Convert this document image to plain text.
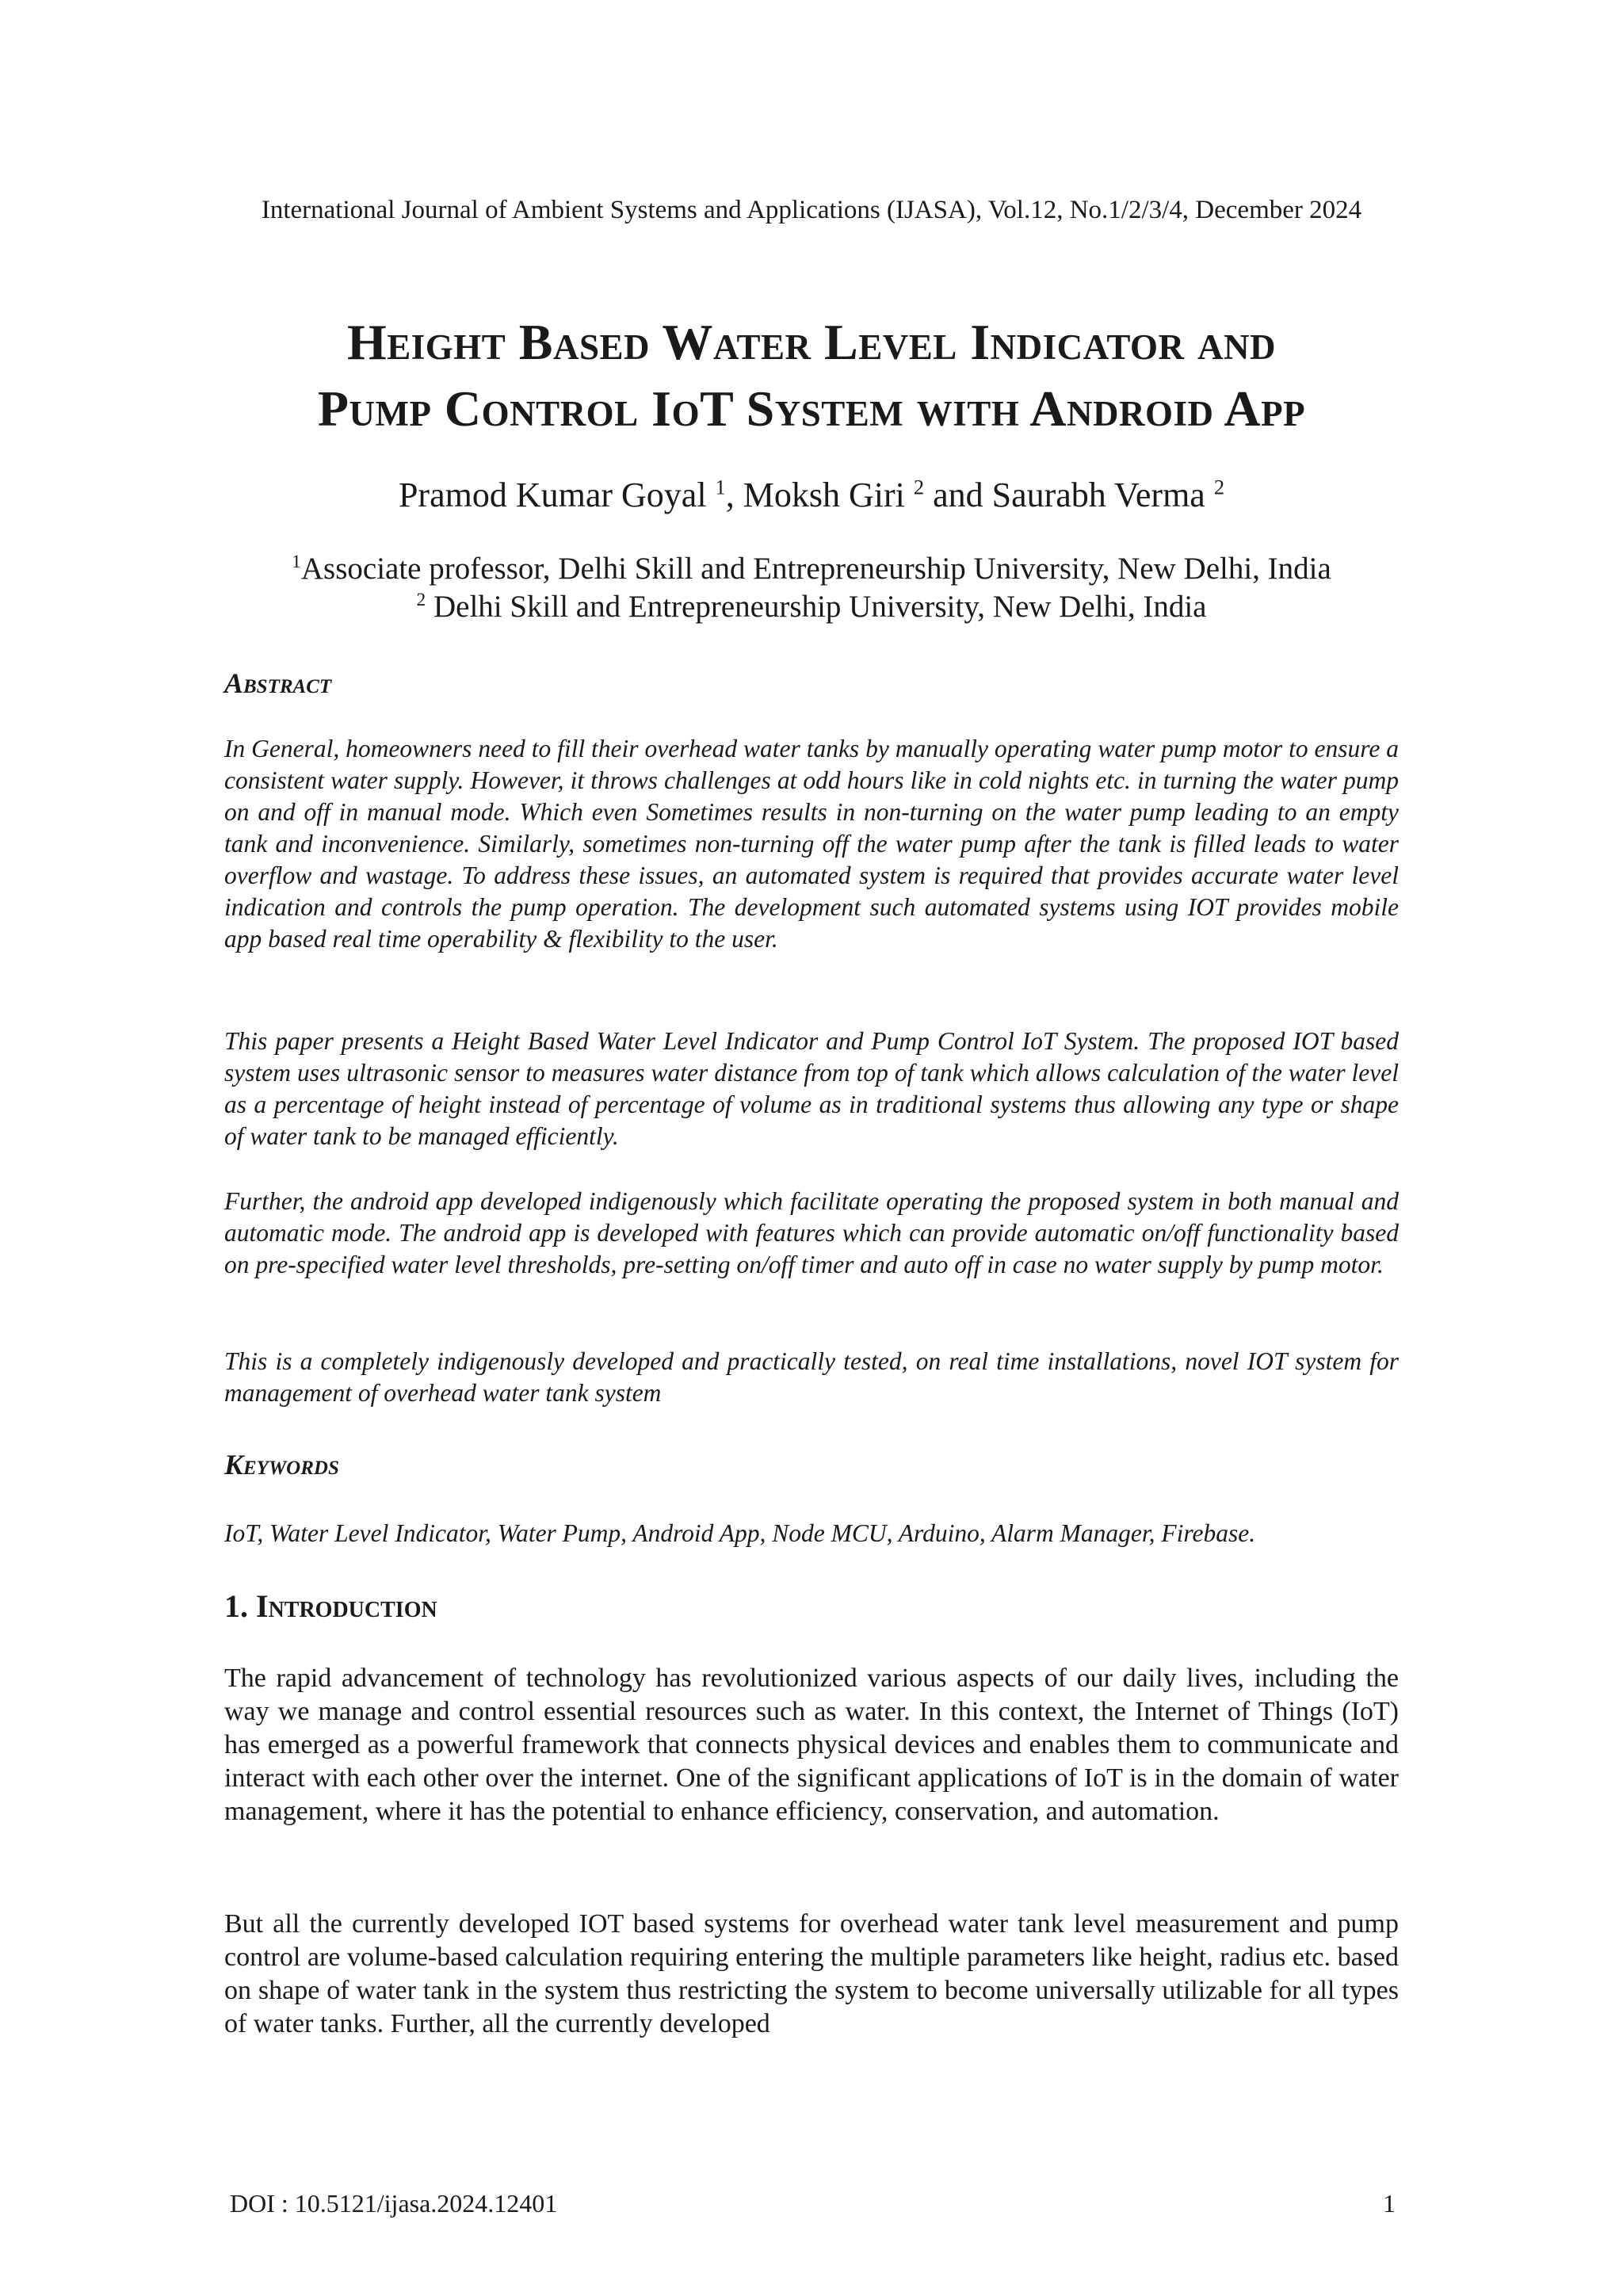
International Journal of Ambient Systems and Applications (IJASA), Vol.12, No.1/2/3/4, December 2024
Height Based Water Level Indicator and
Pump Control IoT System with Android App
Pramod Kumar Goyal $^1$, Moksh Giri $^2$ and Saurabh Verma $^2$
$^1$Associate professor, Delhi Skill and Entrepreneurship University, New Delhi, India
$^2$ Delhi Skill and Entrepreneurship University, New Delhi, India
Abstract
In General, homeowners need to fill their overhead water tanks by manually operating water pump motor to ensure a consistent water supply. However, it throws challenges at odd hours like in cold nights etc. in turning the water pump on and off in manual mode. Which even Sometimes results in non-turning on the water pump leading to an empty tank and inconvenience. Similarly, sometimes non-turning off the water pump after the tank is filled leads to water overflow and wastage. To address these issues, an automated system is required that provides accurate water level indication and controls the pump operation. The development such automated systems using IOT provides mobile app based real time operability & flexibility to the user.
This paper presents a Height Based Water Level Indicator and Pump Control IoT System. The proposed IOT based system uses ultrasonic sensor to measures water distance from top of tank which allows calculation of the water level as a percentage of height instead of percentage of volume as in traditional systems thus allowing any type or shape of water tank to be managed efficiently.
Further, the android app developed indigenously which facilitate operating the proposed system in both manual and automatic mode. The android app is developed with features which can provide automatic on/off functionality based on pre-specified water level thresholds, pre-setting on/off timer and auto off in case no water supply by pump motor.
This is a completely indigenously developed and practically tested, on real time installations, novel IOT system for management of overhead water tank system
Keywords
IoT, Water Level Indicator, Water Pump, Android App, Node MCU, Arduino, Alarm Manager, Firebase.
1. Introduction
The rapid advancement of technology has revolutionized various aspects of our daily lives, including the way we manage and control essential resources such as water. In this context, the Internet of Things (IoT) has emerged as a powerful framework that connects physical devices and enables them to communicate and interact with each other over the internet. One of the significant applications of IoT is in the domain of water management, where it has the potential to enhance efficiency, conservation, and automation.
But all the currently developed IOT based systems for overhead water tank level measurement and pump control are volume-based calculation requiring entering the multiple parameters like height, radius etc. based on shape of water tank in the system thus restricting the system to become universally utilizable for all types of water tanks. Further, all the currently developed
DOI : 10.5121/ijasa.2024.12401	1
